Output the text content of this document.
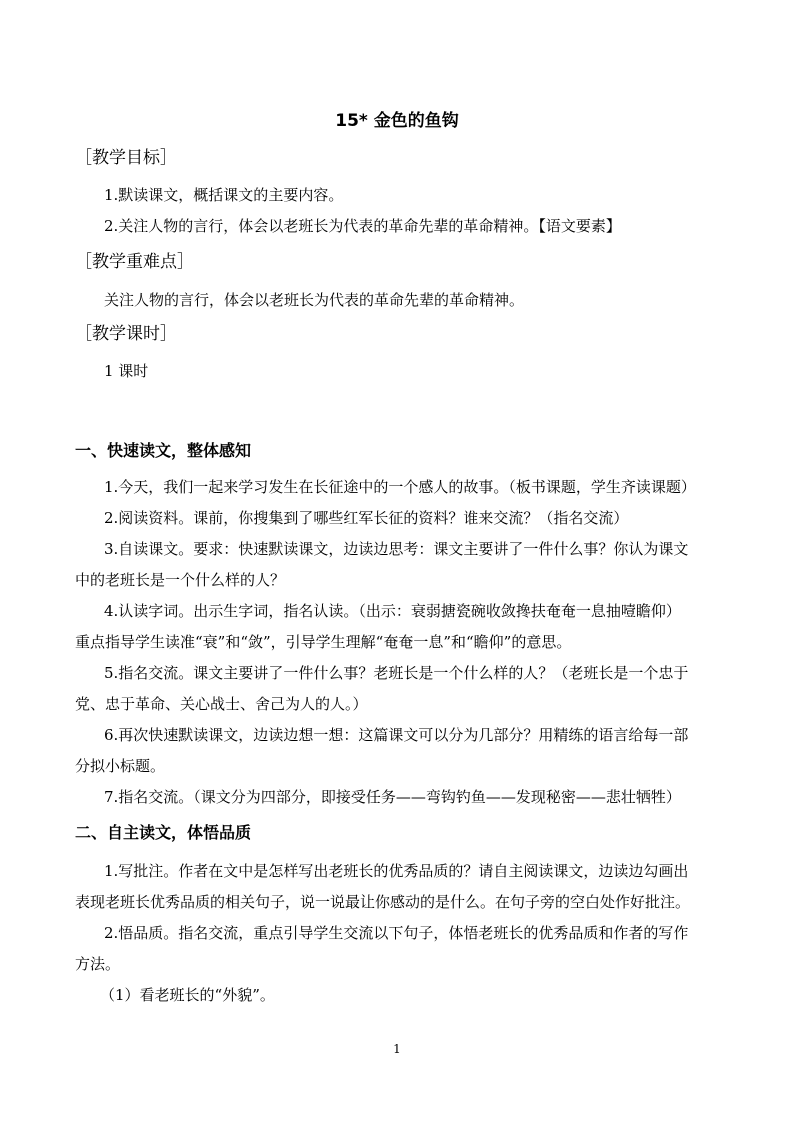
15* 金色的鱼钩
［教学目标］
1.默读课文，概括课文的主要内容。
2.关注人物的言行，体会以老班长为代表的革命先辈的革命精神。【语文要素】
［教学重难点］
关注人物的言行，体会以老班长为代表的革命先辈的革命精神。
［教学课时］
1 课时
一、快速读文，整体感知
1.今天，我们一起来学习发生在长征途中的一个感人的故事。（板书课题，学生齐读课题）
2.阅读资料。课前，你搜集到了哪些红军长征的资料？谁来交流？（指名交流）
3.自读课文。要求：快速默读课文，边读边思考：课文主要讲了一件什么事？你认为课文
中的老班长是一个什么样的人？
4.认读字词。出示生字词，指名认读。（出示：衰弱搪瓷碗收敛搀扶奄奄一息抽噎瞻仰）
重点指导学生读准“衰”和“敛”，引导学生理解“奄奄一息”和“瞻仰”的意思。
5.指名交流。课文主要讲了一件什么事？老班长是一个什么样的人？（老班长是一个忠于
党、忠于革命、关心战士、舍己为人的人。）
6.再次快速默读课文，边读边想一想：这篇课文可以分为几部分？用精练的语言给每一部
分拟小标题。
7.指名交流。（课文分为四部分，即接受任务——弯钩钓鱼——发现秘密——悲壮牺牲）
二、自主读文，体悟品质
1.写批注。作者在文中是怎样写出老班长的优秀品质的？请自主阅读课文，边读边勾画出
表现老班长优秀品质的相关句子，说一说最让你感动的是什么。在句子旁的空白处作好批注。
2.悟品质。指名交流，重点引导学生交流以下句子，体悟老班长的优秀品质和作者的写作
方法。
（1）看老班长的“外貌”。
1
